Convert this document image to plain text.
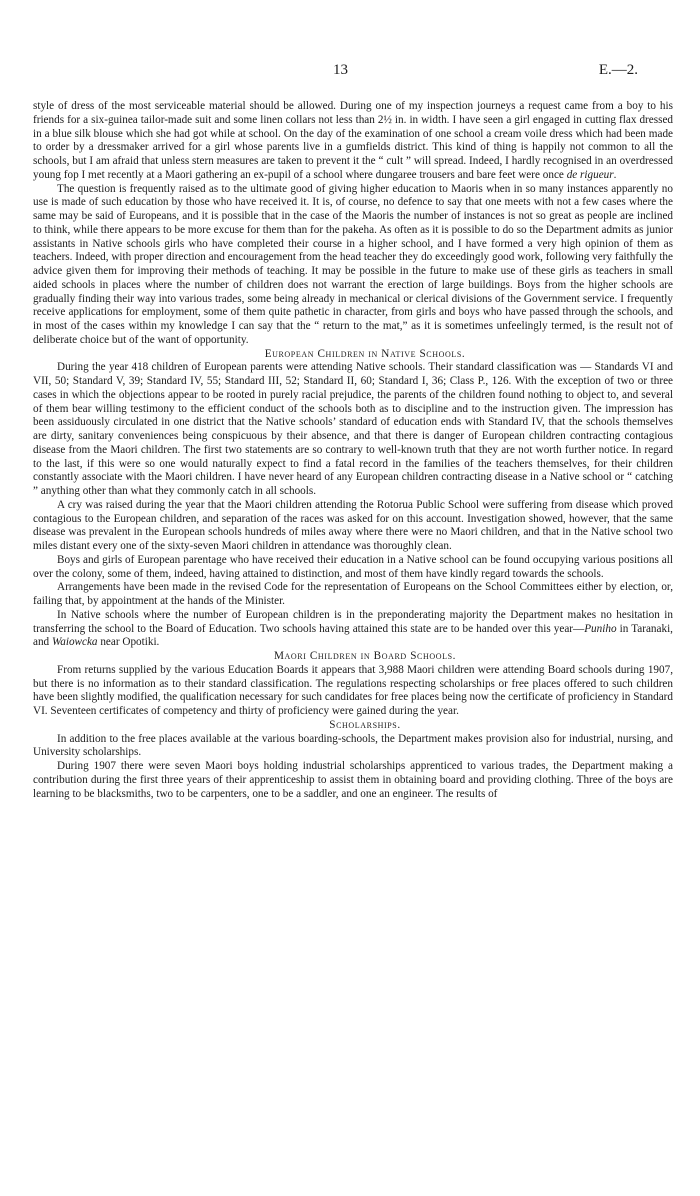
13	E.—2.

style of dress of the most serviceable material should be allowed. During one of my inspection journeys a request came from a boy to his friends for a six-guinea tailor-made suit and some linen collars not less than 2½ in. in width. I have seen a girl engaged in cutting flax dressed in a blue silk blouse which she had got while at school. On the day of the examination of one school a cream voile dress which had been made to order by a dressmaker arrived for a girl whose parents live in a gumfields district. This kind of thing is happily not common to all the schools, but I am afraid that unless stern measures are taken to prevent it the “ cult ” will spread. Indeed, I hardly recognised in an overdressed young fop I met recently at a Maori gathering an ex-pupil of a school where dungaree trousers and bare feet were once de rigueur.

The question is frequently raised as to the ultimate good of giving higher education to Maoris when in so many instances apparently no use is made of such education by those who have received it. It is, of course, no defence to say that one meets with not a few cases where the same may be said of Europeans, and it is possible that in the case of the Maoris the number of instances is not so great as people are inclined to think, while there appears to be more excuse for them than for the pakeha. As often as it is possible to do so the Department admits as junior assistants in Native schools girls who have completed their course in a higher school, and I have formed a very high opinion of them as teachers. Indeed, with proper direction and encouragement from the head teacher they do exceedingly good work, following very faithfully the advice given them for improving their methods of teaching. It may be possible in the future to make use of these girls as teachers in small aided schools in places where the number of children does not warrant the erection of large buildings. Boys from the higher schools are gradually finding their way into various trades, some being already in mechanical or clerical divisions of the Government service. I frequently receive applications for employment, some of them quite pathetic in character, from girls and boys who have passed through the schools, and in most of the cases within my knowledge I can say that the “ return to the mat,” as it is sometimes unfeelingly termed, is the result not of deliberate choice but of the want of opportunity.

European Children in Native Schools.

During the year 418 children of European parents were attending Native schools. Their standard classification was — Standards VI and VII, 50; Standard V, 39; Standard IV, 55; Standard III, 52; Standard II, 60; Standard I, 36; Class P., 126. With the exception of two or three cases in which the objections appear to be rooted in purely racial prejudice, the parents of the children found nothing to object to, and several of them bear willing testimony to the efficient conduct of the schools both as to discipline and to the instruction given. The impression has been assiduously circulated in one district that the Native schools’ standard of education ends with Standard IV, that the schools themselves are dirty, sanitary conveniences being conspicuous by their absence, and that there is danger of European children contracting contagious disease from the Maori children. The first two statements are so contrary to well-known truth that they are not worth further notice. In regard to the last, if this were so one would naturally expect to find a fatal record in the families of the teachers themselves, for their children constantly associate with the Maori children. I have never heard of any European children contracting disease in a Native school or “ catching ” anything other than what they commonly catch in all schools.

A cry was raised during the year that the Maori children attending the Rotorua Public School were suffering from disease which proved contagious to the European children, and separation of the races was asked for on this account. Investigation showed, however, that the same disease was prevalent in the European schools hundreds of miles away where there were no Maori children, and that in the Native school two miles distant every one of the sixty-seven Maori children in attendance was thoroughly clean.

Boys and girls of European parentage who have received their education in a Native school can be found occupying various positions all over the colony, some of them, indeed, having attained to distinction, and most of them have kindly regard towards the schools.

Arrangements have been made in the revised Code for the representation of Europeans on the School Committees either by election, or, failing that, by appointment at the hands of the Minister.

In Native schools where the number of European children is in the preponderating majority the Department makes no hesitation in transferring the school to the Board of Education. Two schools having attained this state are to be handed over this year—Puniho in Taranaki, and Waiowcka near Opotiki.

Maori Children in Board Schools.

From returns supplied by the various Education Boards it appears that 3,988 Maori children were attending Board schools during 1907, but there is no information as to their standard classification. The regulations respecting scholarships or free places offered to such children have been slightly modified, the qualification necessary for such candidates for free places being now the certificate of proficiency in Standard VI. Seventeen certificates of competency and thirty of proficiency were gained during the year.

Scholarships.

In addition to the free places available at the various boarding-schools, the Department makes provision also for industrial, nursing, and University scholarships.

During 1907 there were seven Maori boys holding industrial scholarships apprenticed to various trades, the Department making a contribution during the first three years of their apprenticeship to assist them in obtaining board and providing clothing. Three of the boys are learning to be blacksmiths, two to be carpenters, one to be a saddler, and one an engineer. The results of
